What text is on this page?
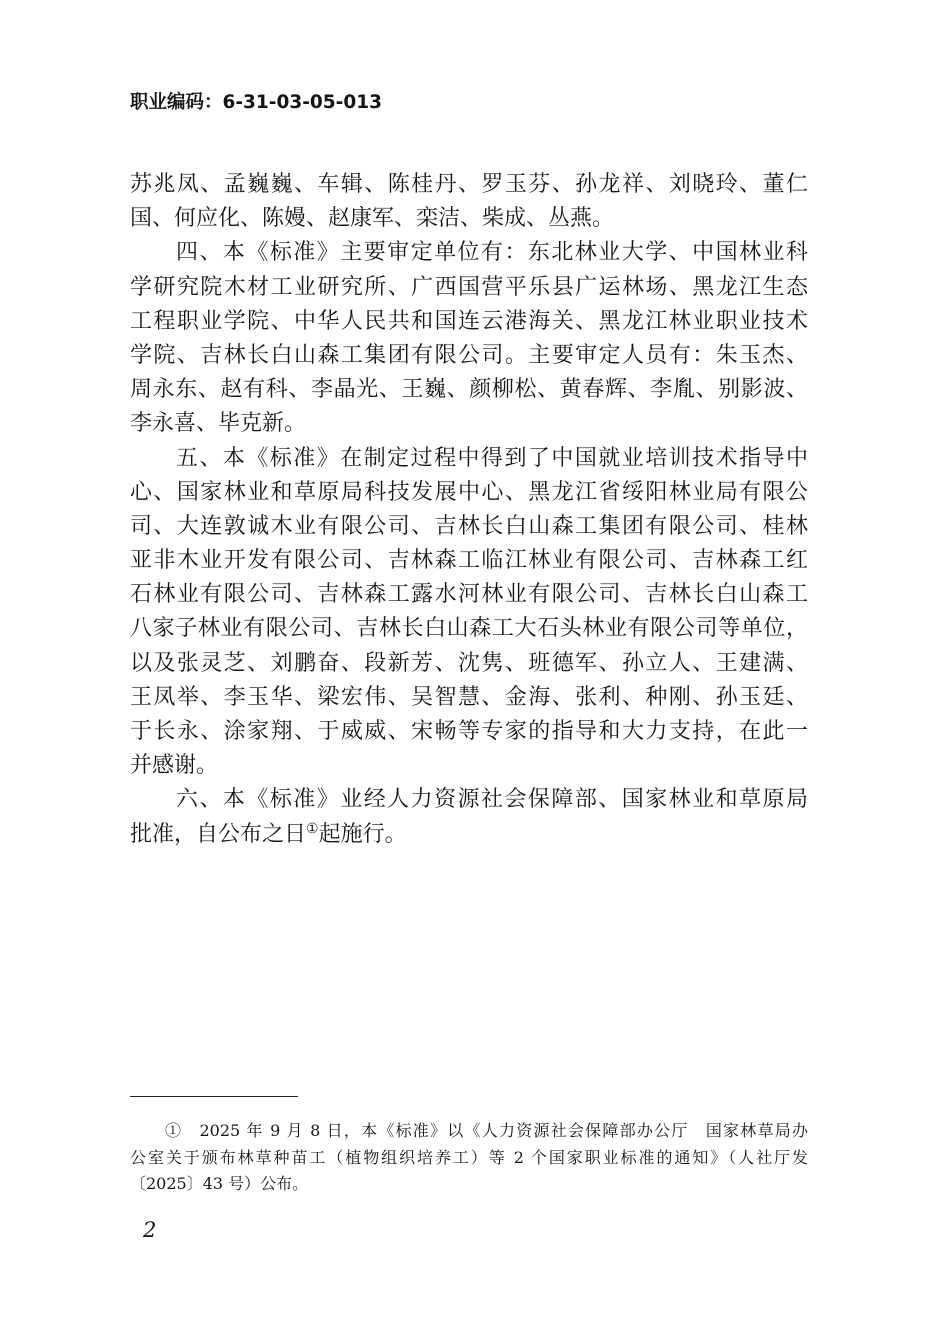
职业编码：6-31-03-05-013
苏兆凤、孟巍巍、车辑、陈桂丹、罗玉芬、孙龙祥、刘晓玲、董仁
国、何应化、陈嫚、赵康军、栾洁、柴成、丛燕。
四、本《标准》主要审定单位有：东北林业大学、中国林业科
学研究院木材工业研究所、广西国营平乐县广运林场、黑龙江生态
工程职业学院、中华人民共和国连云港海关、黑龙江林业职业技术
学院、吉林长白山森工集团有限公司。主要审定人员有：朱玉杰、
周永东、赵有科、李晶光、王巍、颜柳松、黄春辉、李胤、别影波、
李永喜、毕克新。
五、本《标准》在制定过程中得到了中国就业培训技术指导中
心、国家林业和草原局科技发展中心、黑龙江省绥阳林业局有限公
司、大连敦诚木业有限公司、吉林长白山森工集团有限公司、桂林
亚非木业开发有限公司、吉林森工临江林业有限公司、吉林森工红
石林业有限公司、吉林森工露水河林业有限公司、吉林长白山森工
八家子林业有限公司、吉林长白山森工大石头林业有限公司等单位，
以及张灵芝、刘鹏奋、段新芳、沈隽、班德军、孙立人、王建满、
王凤举、李玉华、梁宏伟、吴智慧、金海、张利、种刚、孙玉廷、
于长永、涂家翔、于威威、宋畅等专家的指导和大力支持，在此一
并感谢。
六、本《标准》业经人力资源社会保障部、国家林业和草原局
批准，自公布之日①起施行。
①　2025 年 9 月 8 日，本《标准》以《人力资源社会保障部办公厅　国家林草局办
公室关于颁布林草种苗工（植物组织培养工）等 2 个国家职业标准的通知》（人社厅发
〔2025〕43 号）公布。
2
